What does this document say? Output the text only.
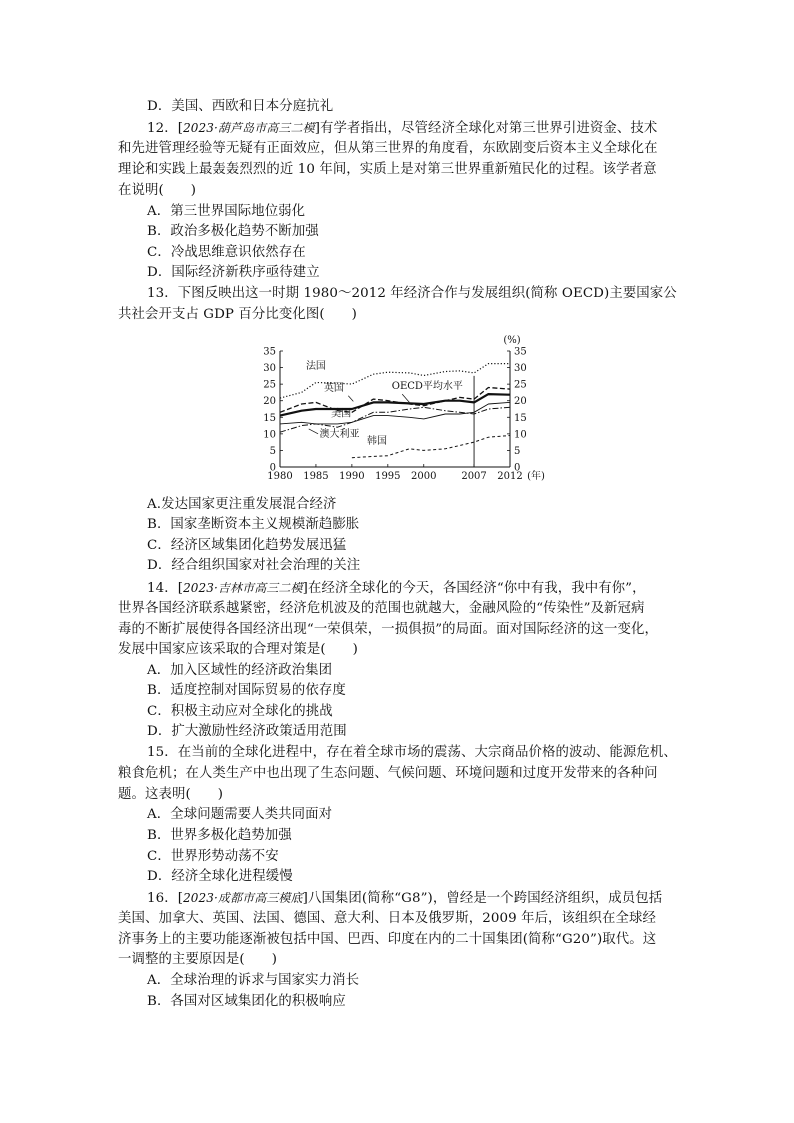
D．美国、西欧和日本分庭抗礼
12．[2023·葫芦岛市高三二模]有学者指出，尽管经济全球化对第三世界引进资金、技术
和先进管理经验等无疑有正面效应，但从第三世界的角度看，东欧剧变后资本主义全球化在
理论和实践上最轰轰烈烈的近 10 年间，实质上是对第三世界重新殖民化的过程。该学者意
在说明(　　)
A．第三世界国际地位弱化
B．政治多极化趋势不断加强
C．冷战思维意识依然存在
D．国际经济新秩序亟待建立
13．下图反映出这一时期 1980～2012 年经济合作与发展组织(简称 OECD)主要国家公
共社会开支占 GDP 百分比变化图(　　)
0	0
5	5
10	10
15	15
20	20
25	25
30	30
35	35
1980 1985 1990 1995 2000 2007 2012
(%)
(年)
法国
OECD平均水平
英国
美国
澳大利亚
韩国
A.发达国家更注重发展混合经济
B．国家垄断资本主义规模渐趋膨胀
C．经济区域集团化趋势发展迅猛
D．经合组织国家对社会治理的关注
14．[2023·吉林市高三二模]在经济全球化的今天，各国经济“你中有我，我中有你”，
世界各国经济联系越紧密，经济危机波及的范围也就越大，金融风险的“传染性”及新冠病
毒的不断扩展使得各国经济出现“一荣俱荣，一损俱损”的局面。面对国际经济的这一变化，
发展中国家应该采取的合理对策是(　　)
A．加入区域性的经济政治集团
B．适度控制对国际贸易的依存度
C．积极主动应对全球化的挑战
D．扩大激励性经济政策适用范围
15．在当前的全球化进程中，存在着全球市场的震荡、大宗商品价格的波动、能源危机、
粮食危机；在人类生产中也出现了生态问题、气候问题、环境问题和过度开发带来的各种问
题。这表明(　　)
A．全球问题需要人类共同面对
B．世界多极化趋势加强
C．世界形势动荡不安
D．经济全球化进程缓慢
16．[2023·成都市高三模底]八国集团(简称“G8”)，曾经是一个跨国经济组织，成员包括
美国、加拿大、英国、法国、德国、意大利、日本及俄罗斯，2009 年后，该组织在全球经
济事务上的主要功能逐渐被包括中国、巴西、印度在内的二十国集团(简称“G20”)取代。这
一调整的主要原因是(　　)
A．全球治理的诉求与国家实力消长
B．各国对区域集团化的积极响应
